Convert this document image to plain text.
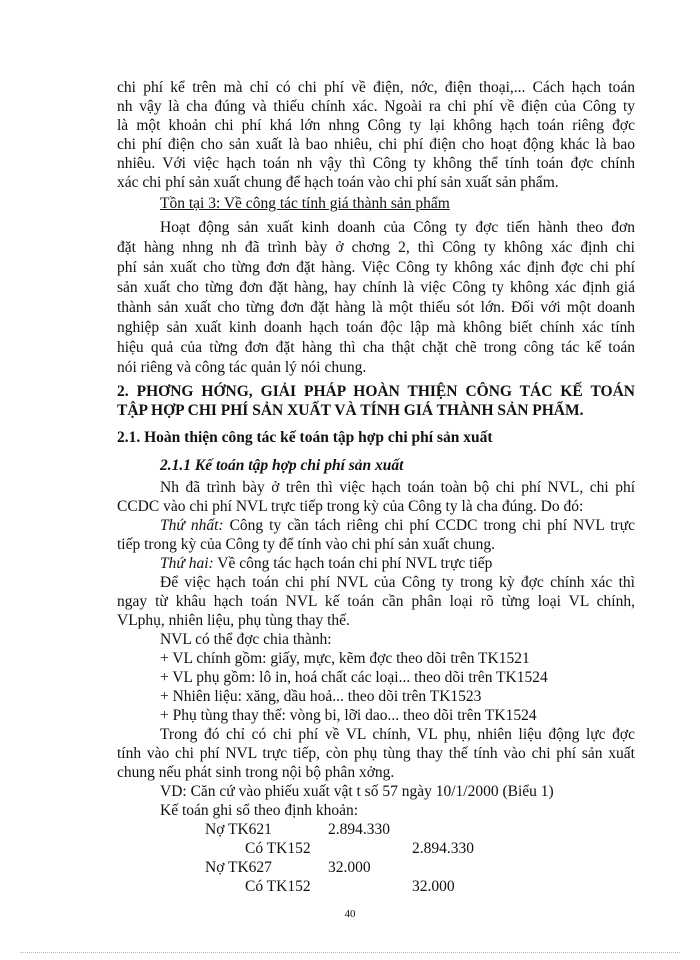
chi phí kể trên mà chỉ có chi phí về điện, nớc, điện thoại,... Cách hạch toán
nh vậy là cha đúng và thiếu chính xác. Ngoài ra chi phí về điện của Công ty
là một khoản chi phí khá lớn nhng Công ty lại không hạch toán riêng đợc
chi phí điện cho sản xuất là bao nhiêu, chi phí điện cho hoạt động khác là bao
nhiêu. Với việc hạch toán nh vậy thì Công ty không thể tính toán đợc chính
xác chi phí sản xuất chung để hạch toán vào chi phí sản xuất sản phẩm.
Tồn tại 3: Về công tác tính giá thành sản phẩm
Hoạt động sản xuất kinh doanh của Công ty đợc tiến hành theo đơn
đặt hàng nhng nh đã trình bày ở chơng 2, thì Công ty không xác định chi
phí sản xuất cho từng đơn đặt hàng. Việc Công ty không xác định đợc chi phí
sản xuất cho từng đơn đặt hàng, hay chính là việc Công ty không xác định giá
thành sản xuất cho từng đơn đặt hàng là một thiếu sót lớn. Đối với một doanh
nghiệp sản xuất kinh doanh hạch toán độc lập mà không biết chính xác tính
hiệu quả của từng đơn đặt hàng thì cha thật chặt chẽ trong công tác kế toán
nói riêng và công tác quản lý nói chung.
2. PHƠNG HỚNG, GIẢI PHÁP HOÀN THIỆN CÔNG TÁC KẾ TOÁN
TẬP HỢP CHI PHÍ SẢN XUẤT VÀ TÍNH GIÁ THÀNH SẢN PHẨM.
2.1. Hoàn thiện công tác kế toán tập hợp chi phí sản xuất
2.1.1 Kế toán tập hợp chi phí sản xuất
Nh đã trình bày ở trên thì việc hạch toán toàn bộ chi phí NVL, chi phí
CCDC vào chi phí NVL trực tiếp trong kỳ của Công ty là cha đúng. Do đó:
Thứ nhất: Công ty cần tách riêng chi phí CCDC trong chi phí NVL trực
tiếp trong kỳ của Công ty để tính vào chi phí sản xuất chung.
Thứ hai: Về công tác hạch toán chi phí NVL trực tiếp
Để việc hạch toán chi phí NVL của Công ty trong kỳ đợc chính xác thì
ngay từ khâu hạch toán NVL kế toán cần phân loại rõ từng loại VL chính,
VLphụ, nhiên liệu, phụ tùng thay thế.
NVL có thể đợc chia thành:
+ VL chính gồm: giấy, mực, kẽm đợc theo dõi trên TK1521
+ VL phụ gồm: lô in, hoá chất các loại... theo dõi trên TK1524
+ Nhiên liệu: xăng, dầu hoả... theo dõi trên TK1523
+ Phụ tùng thay thế: vòng bi, lỡi dao... theo dõi trên TK1524
Trong đó chỉ có chi phí về VL chính, VL phụ, nhiên liệu động lực đợc
tính vào chi phí NVL trực tiếp, còn phụ tùng thay thế tính vào chi phí sản xuất
chung nếu phát sinh trong nội bộ phân xởng.
VD: Căn cứ vào phiếu xuất vật t số 57 ngày 10/1/2000 (Biểu 1)
Kế toán ghi sổ theo định khoản:
Nợ TK621	2.894.330
Có TK152	2.894.330
Nợ TK627	32.000
Có TK152	32.000
40
